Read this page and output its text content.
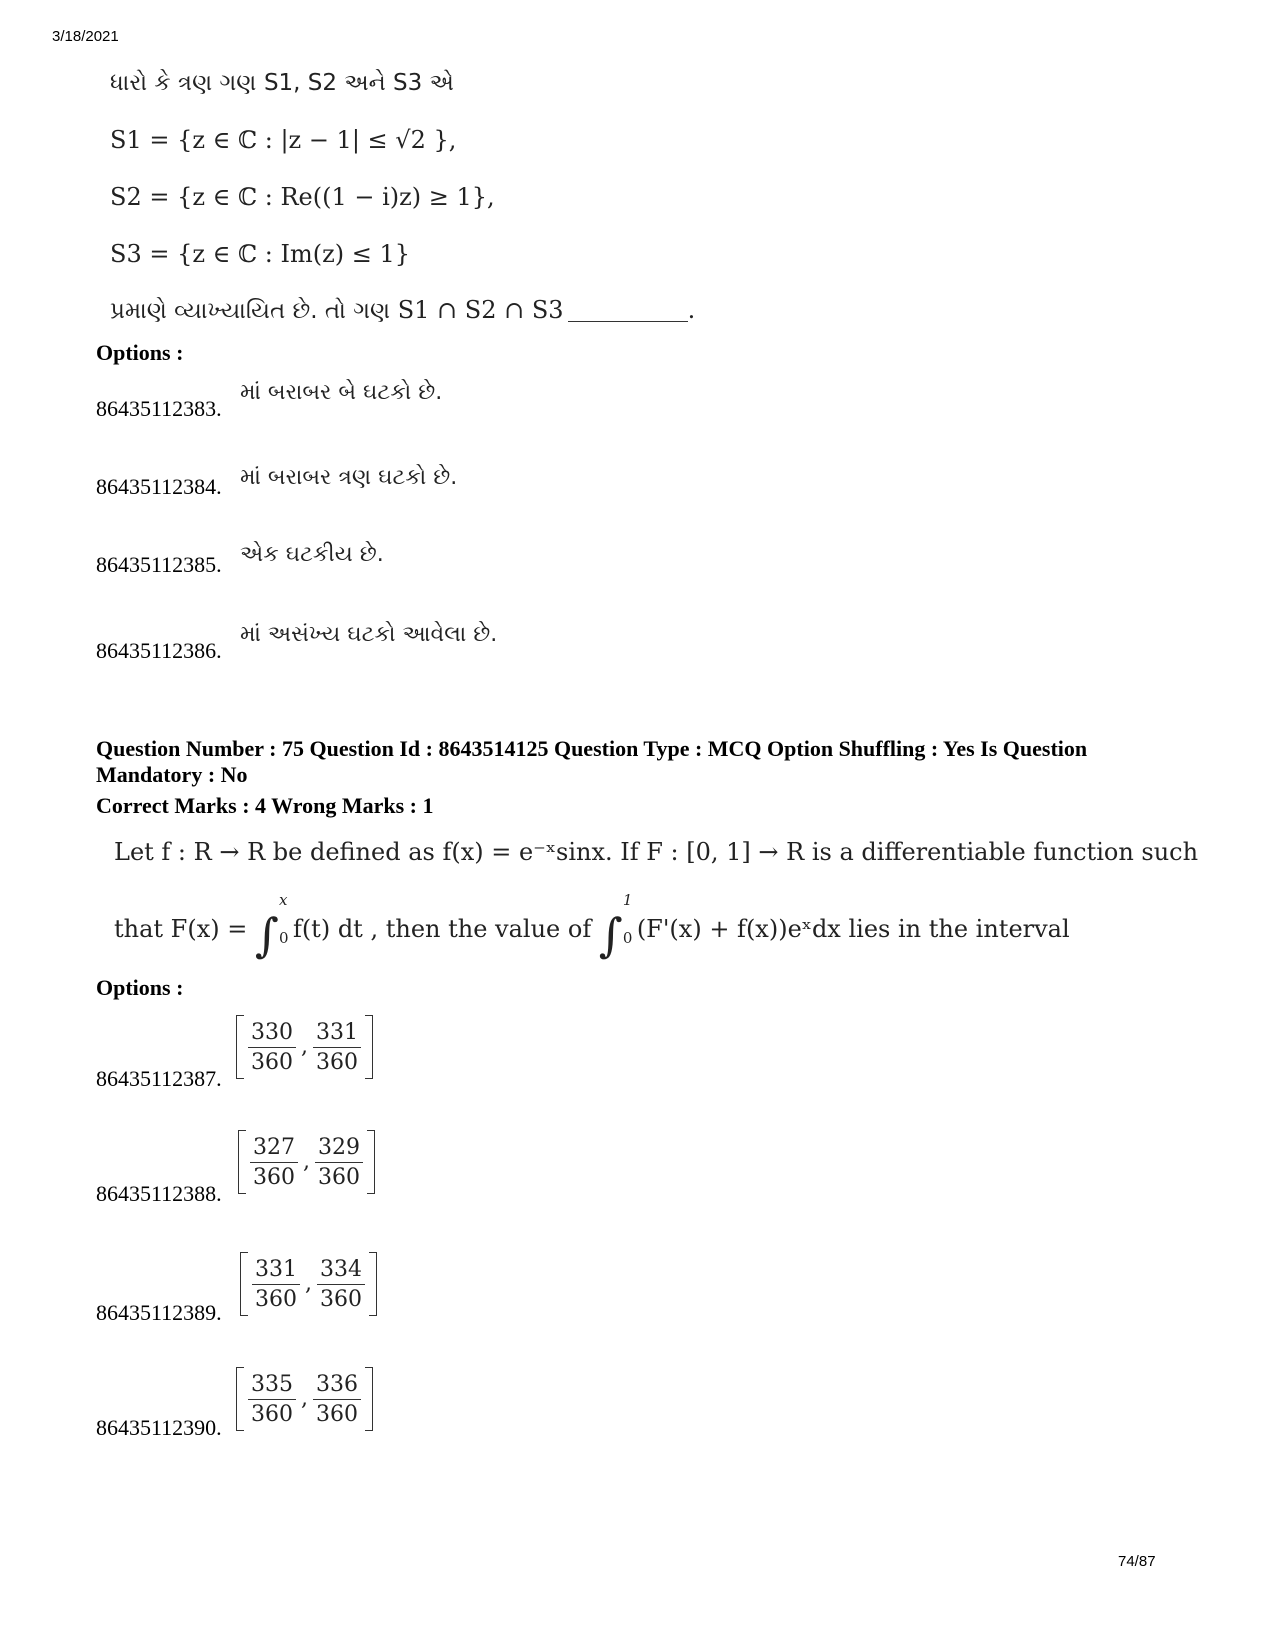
3/18/2021
ધારો કે ત્રણ ગણ S1, S2 અને S3 એ
S1 = {z ∈ ℂ : |z − 1| ≤ √2 },
S2 = {z ∈ ℂ : Re((1 − i)z) ≥ 1},
S3 = {z ∈ ℂ : Im(z) ≤ 1}
પ્રમાણે વ્યાખ્યાયિત છે. તો ગણ S1 ∩ S2 ∩ S3	.
Options :
86435112383.
માં બરાબર બે ઘટકો છે.
86435112384. માં બરાબર ત્રણ ઘટકો છે.
86435112385. એક ઘટકીય છે.
86435112386.
માં અસંખ્ય ઘટકો આવેલા છે.
Question Number : 75 Question Id : 8643514125 Question Type : MCQ Option Shuffling : Yes Is Question
Mandatory : No
Correct Marks : 4 Wrong Marks : 1
Let f : R → R be defined as f(x) = e⁻ˣsinx. If F : [0, 1] → R is a differentiable function such
that F(x) = ∫
x
0 f(t) dt , then the value of ∫
1
0 (F'(x) + f(x))eˣdx lies in the interval
Options :
86435112387.
$\frac{330}{360}$ , $\frac{331}{360}$
86435112388.
$\frac{327}{360}$ , $\frac{329}{360}$
86435112389.
$\frac{331}{360}$ , $\frac{334}{360}$
86435112390.
$\frac{335}{360}$ , $\frac{336}{360}$
74/87
